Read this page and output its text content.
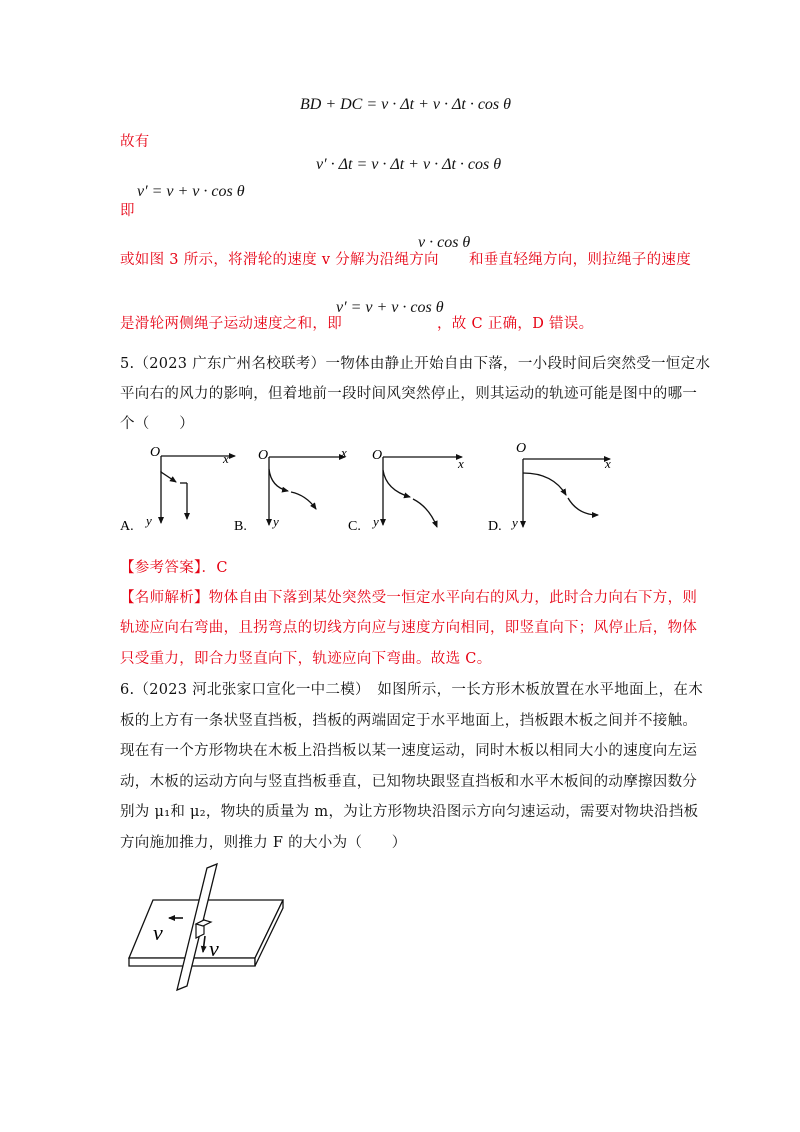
BD + DC = v · Δt + v · Δt · cos θ
故有
v′ · Δt = v · Δt + v · Δt · cos θ
v′ = v + v · cos θ
即
或如图 3 所示，将滑轮的速度 v 分解为沿绳方向
v · cos θ
和垂直轻绳方向，则拉绳子的速度
是滑轮两侧绳子运动速度之和，即
v′ = v + v · cos θ
，故 C 正确，D 错误。
5.（2023 广东广州名校联考）一物体由静止开始自由下落，一小段时间后突然受一恒定水
平向右的风力的影响，但着地前一段时间风突然停止，则其运动的轨迹可能是图中的哪一
个（　　）
O	x
y
A.
O	x
y
B.
O
x
y
C.
O
x
y
D.
【参考答案】．C
【名师解析】物体自由下落到某处突然受一恒定水平向右的风力，此时合力向右下方，则
轨迹应向右弯曲，且拐弯点的切线方向应与速度方向相同，即竖直向下；风停止后，物体
只受重力，即合力竖直向下，轨迹应向下弯曲。故选 C。
6.（2023 河北张家口宣化一中二模）　如图所示，一长方形木板放置在水平地面上，在木
板的上方有一条状竖直挡板，挡板的两端固定于水平地面上，挡板跟木板之间并不接触。
现在有一个方形物块在木板上沿挡板以某一速度运动，同时木板以相同大小的速度向左运
动，木板的运动方向与竖直挡板垂直，已知物块跟竖直挡板和水平木板间的动摩擦因数分
别为 μ₁和 μ₂，物块的质量为 m，为让方形物块沿图示方向匀速运动，需要对物块沿挡板
方向施加推力，则推力 F 的大小为（　　）
v
v
